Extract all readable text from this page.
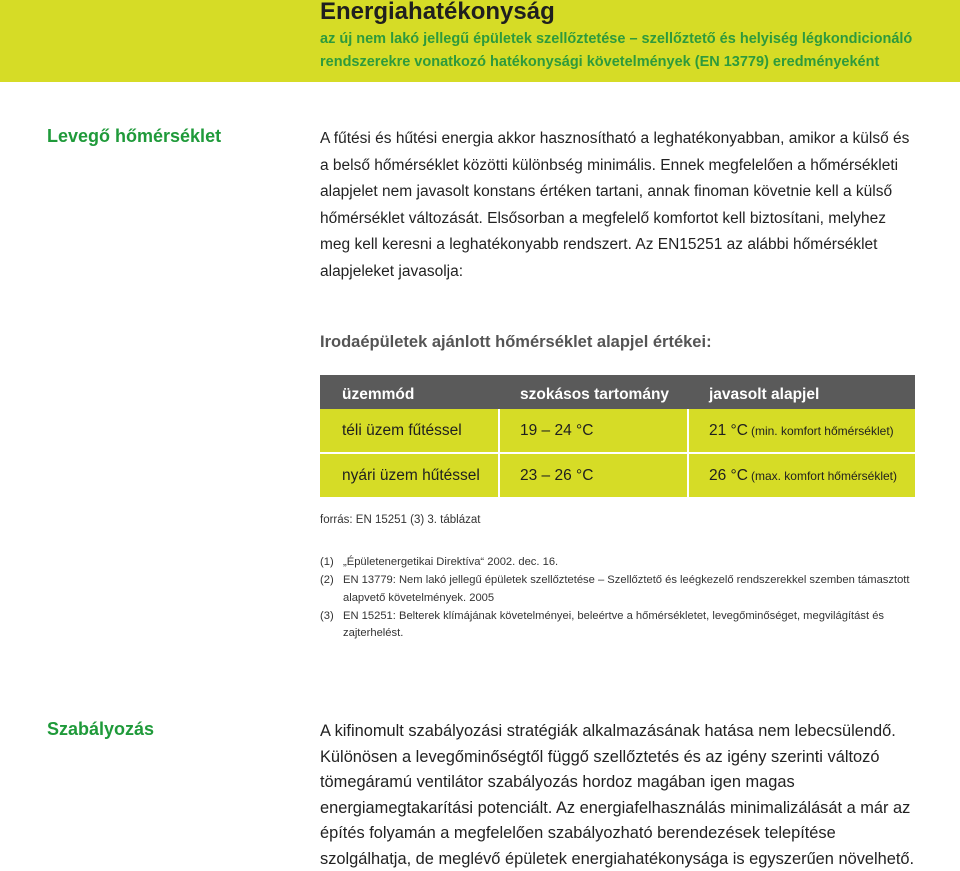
Energiahatékonyság
az új nem lakó jellegű épületek szellőztetése – szellőztető és helyiség légkondicionáló rendszerekre vonatkozó hatékonysági követelmények (EN 13779) eredményeként
Levegő hőmérséklet	A fűtési és hűtési energia akkor hasznosítható a leghatékonyabban, amikor a külső és a belső hőmérséklet közötti különbség minimális. Ennek megfelelően a hőmérsékleti alapjelet nem javasolt konstans értéken tartani, annak finoman követnie kell a külső hőmérséklet változását. Elsősorban a megfelelő komfortot kell biztosítani, melyhez meg kell keresni a leghatékonyabb rendszert. Az EN15251 az alábbi hőmérséklet alapjeleket javasolja:
Irodaépületek ajánlott hőmérséklet alapjel értékei:
üzemmód	szokásos tartomány	javasolt alapjel
téli üzem fűtéssel	19 – 24 °C	21 °C (min. komfort hőmérséklet)
nyári üzem hűtéssel	23 – 26 °C	26 °C (max. komfort hőmérséklet)
forrás: EN 15251 (3) 3. táblázat
(1) „Épületenergetikai Direktíva“ 2002. dec. 16.
(2) EN 13779: Nem lakó jellegű épületek szellőztetése – Szellőztető és leégkezelő rendszerekkel szemben támasztott alapvető követelmények. 2005
(3) EN 15251: Belterek klímájának követelményei, beleértve a hőmérsékletet, levegőminőséget, megvilágítást és zajterhelést.
Szabályozás	A kifinomult szabályozási stratégiák alkalmazásának hatása nem lebecsülendő. Különösen a levegőminőségtől függő szellőztetés és az igény szerinti változó tömegáramú ventilátor szabályozás hordoz magában igen magas energiamegtakarítási potenciált. Az energiafelhasználás minimalizálását a már az építés folyamán a megfelelően szabályozható berendezések telepítése szolgálhatja, de meglévő épületek energiahatékonysága is egyszerűen növelhető.
